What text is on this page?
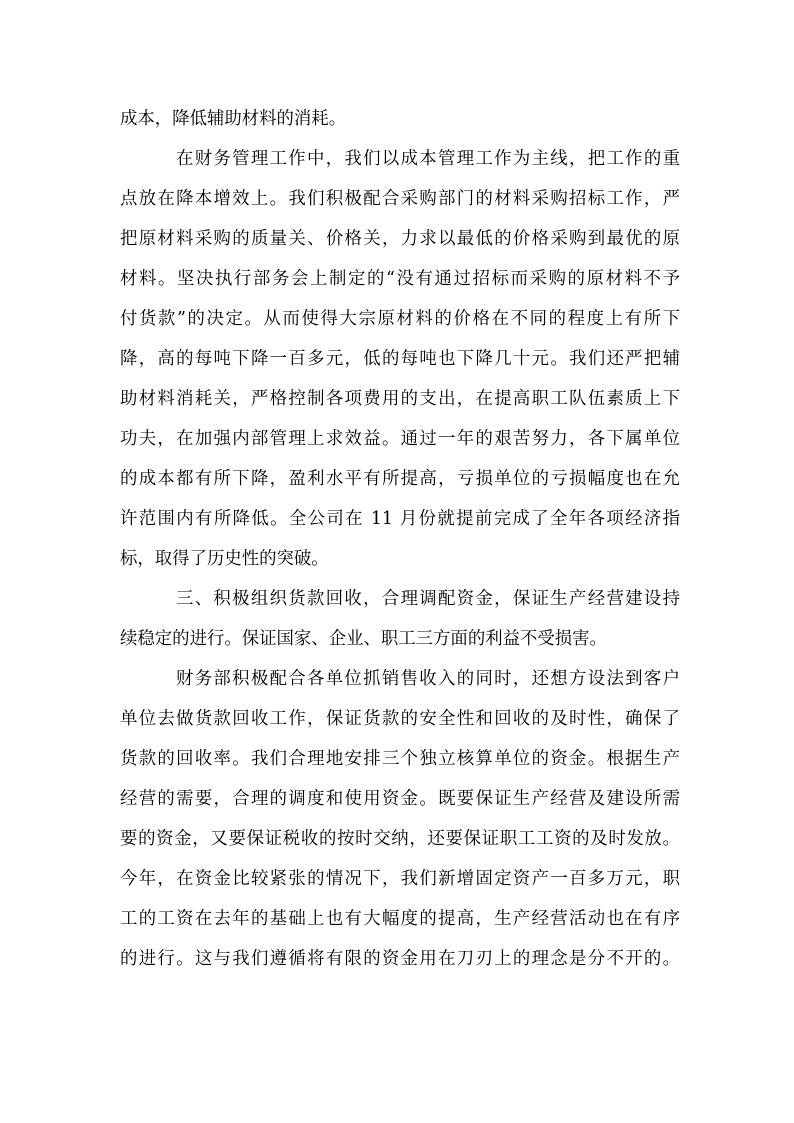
成本，降低辅助材料的消耗。
在财务管理工作中，我们以成本管理工作为主线，把工作的重
点放在降本增效上。我们积极配合采购部门的材料采购招标工作，严
把原材料采购的质量关、价格关，力求以最低的价格采购到最优的原
材料。坚决执行部务会上制定的“没有通过招标而采购的原材料不予
付货款”的决定。从而使得大宗原材料的价格在不同的程度上有所下
降，高的每吨下降一百多元，低的每吨也下降几十元。我们还严把辅
助材料消耗关，严格控制各项费用的支出，在提高职工队伍素质上下
功夫，在加强内部管理上求效益。通过一年的艰苦努力，各下属单位
的成本都有所下降，盈利水平有所提高，亏损单位的亏损幅度也在允
许范围内有所降低。全公司在 11 月份就提前完成了全年各项经济指
标，取得了历史性的突破。
三、积极组织货款回收，合理调配资金，保证生产经营建设持
续稳定的进行。保证国家、企业、职工三方面的利益不受损害。
财务部积极配合各单位抓销售收入的同时，还想方设法到客户
单位去做货款回收工作，保证货款的安全性和回收的及时性，确保了
货款的回收率。我们合理地安排三个独立核算单位的资金。根据生产
经营的需要，合理的调度和使用资金。既要保证生产经营及建设所需
要的资金，又要保证税收的按时交纳，还要保证职工工资的及时发放。
今年，在资金比较紧张的情况下，我们新增固定资产一百多万元，职
工的工资在去年的基础上也有大幅度的提高，生产经营活动也在有序
的进行。这与我们遵循将有限的资金用在刀刃上的理念是分不开的。
